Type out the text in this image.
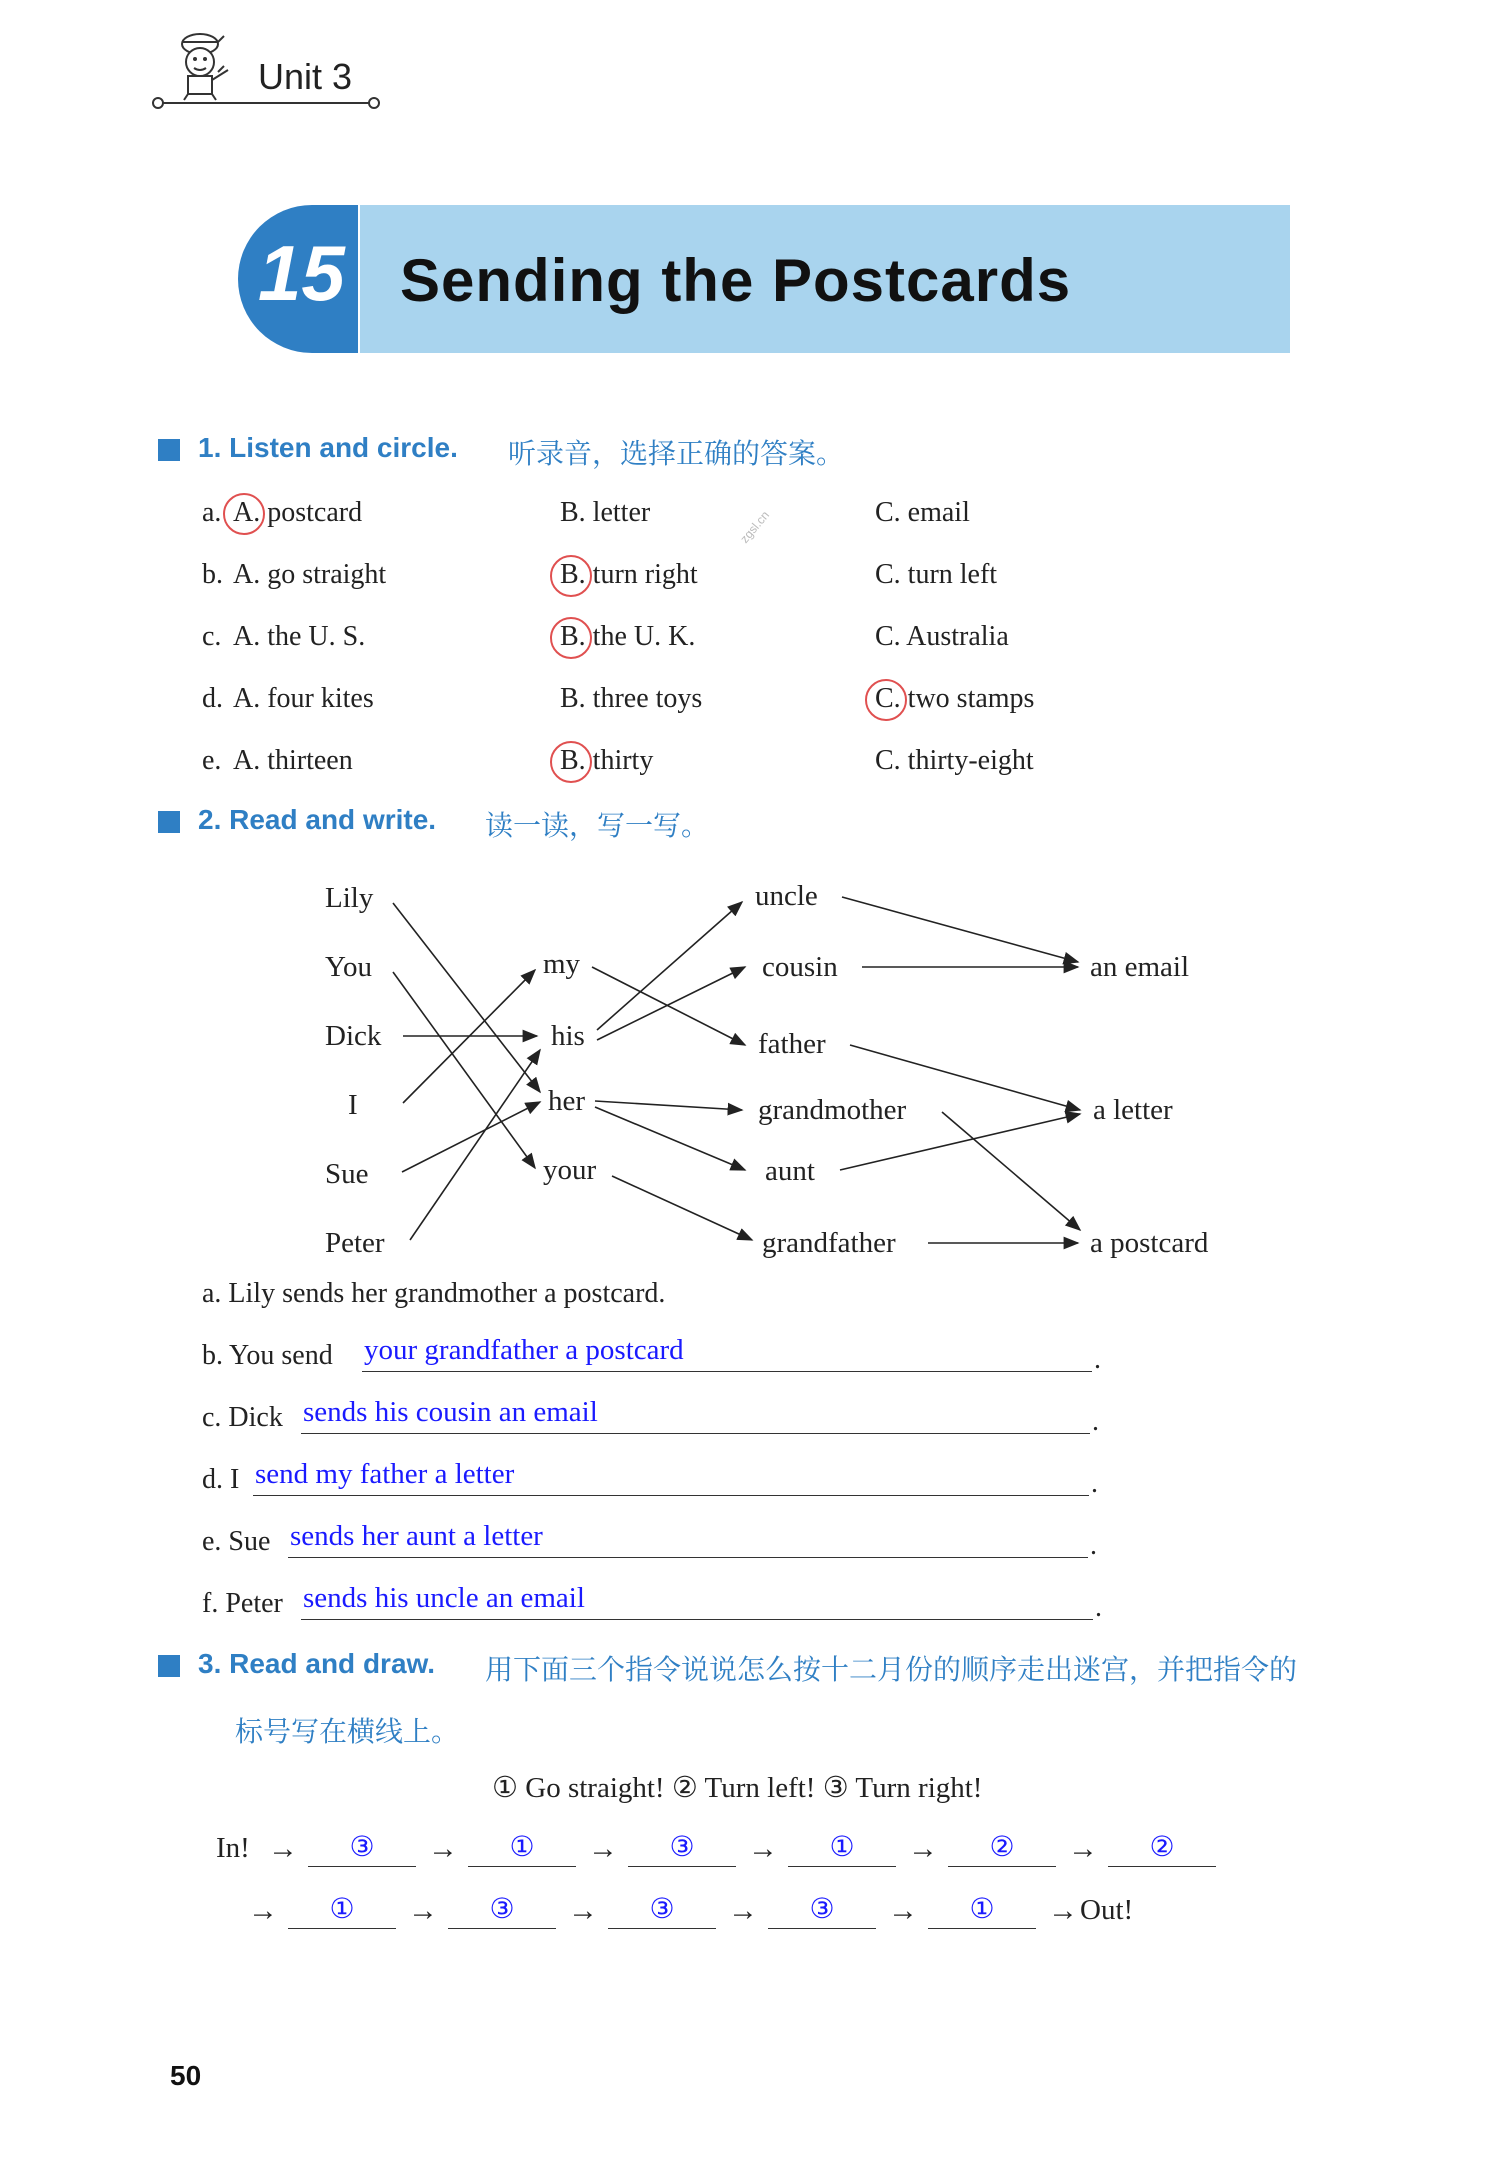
Unit 3
15 Sending the Postcards
zgsl.cn
1. Listen and circle. 听录音，选择正确的答案。
a. A. postcard	B. letter	C. email
b. A. go straight	B. turn right	C. turn left
c. A. the U. S.	B. the U. K.	C. Australia
d. A. four kites	B. three toys	C. two stamps
e. A. thirteen	B. thirty	C. thirty-eight
2. Read and write. 读一读，写一写。
Lily
You
Dick
I
Sue
Peter
my
his
her
your
uncle
cousin
father
grandmother
aunt
grandfather
an email
a letter
a postcard
a. Lily sends her grandmother a postcard.
b. You send your grandfather a postcard	.
c. Dick sends his cousin an email	.
d. I send my father a letter	.
e. Sue sends her aunt a letter	.
f. Peter sends his uncle an email	.
3. Read and draw. 用下面三个指令说说怎么按十二月份的顺序走出迷宫，并把指令的
标号写在横线上。
① Go straight! ② Turn left! ③ Turn right!
In! →	③	→	①	→	③	→	①	→	②	→	②
→	①	→	③	→	③	→	③	→	①	→ Out!
50
